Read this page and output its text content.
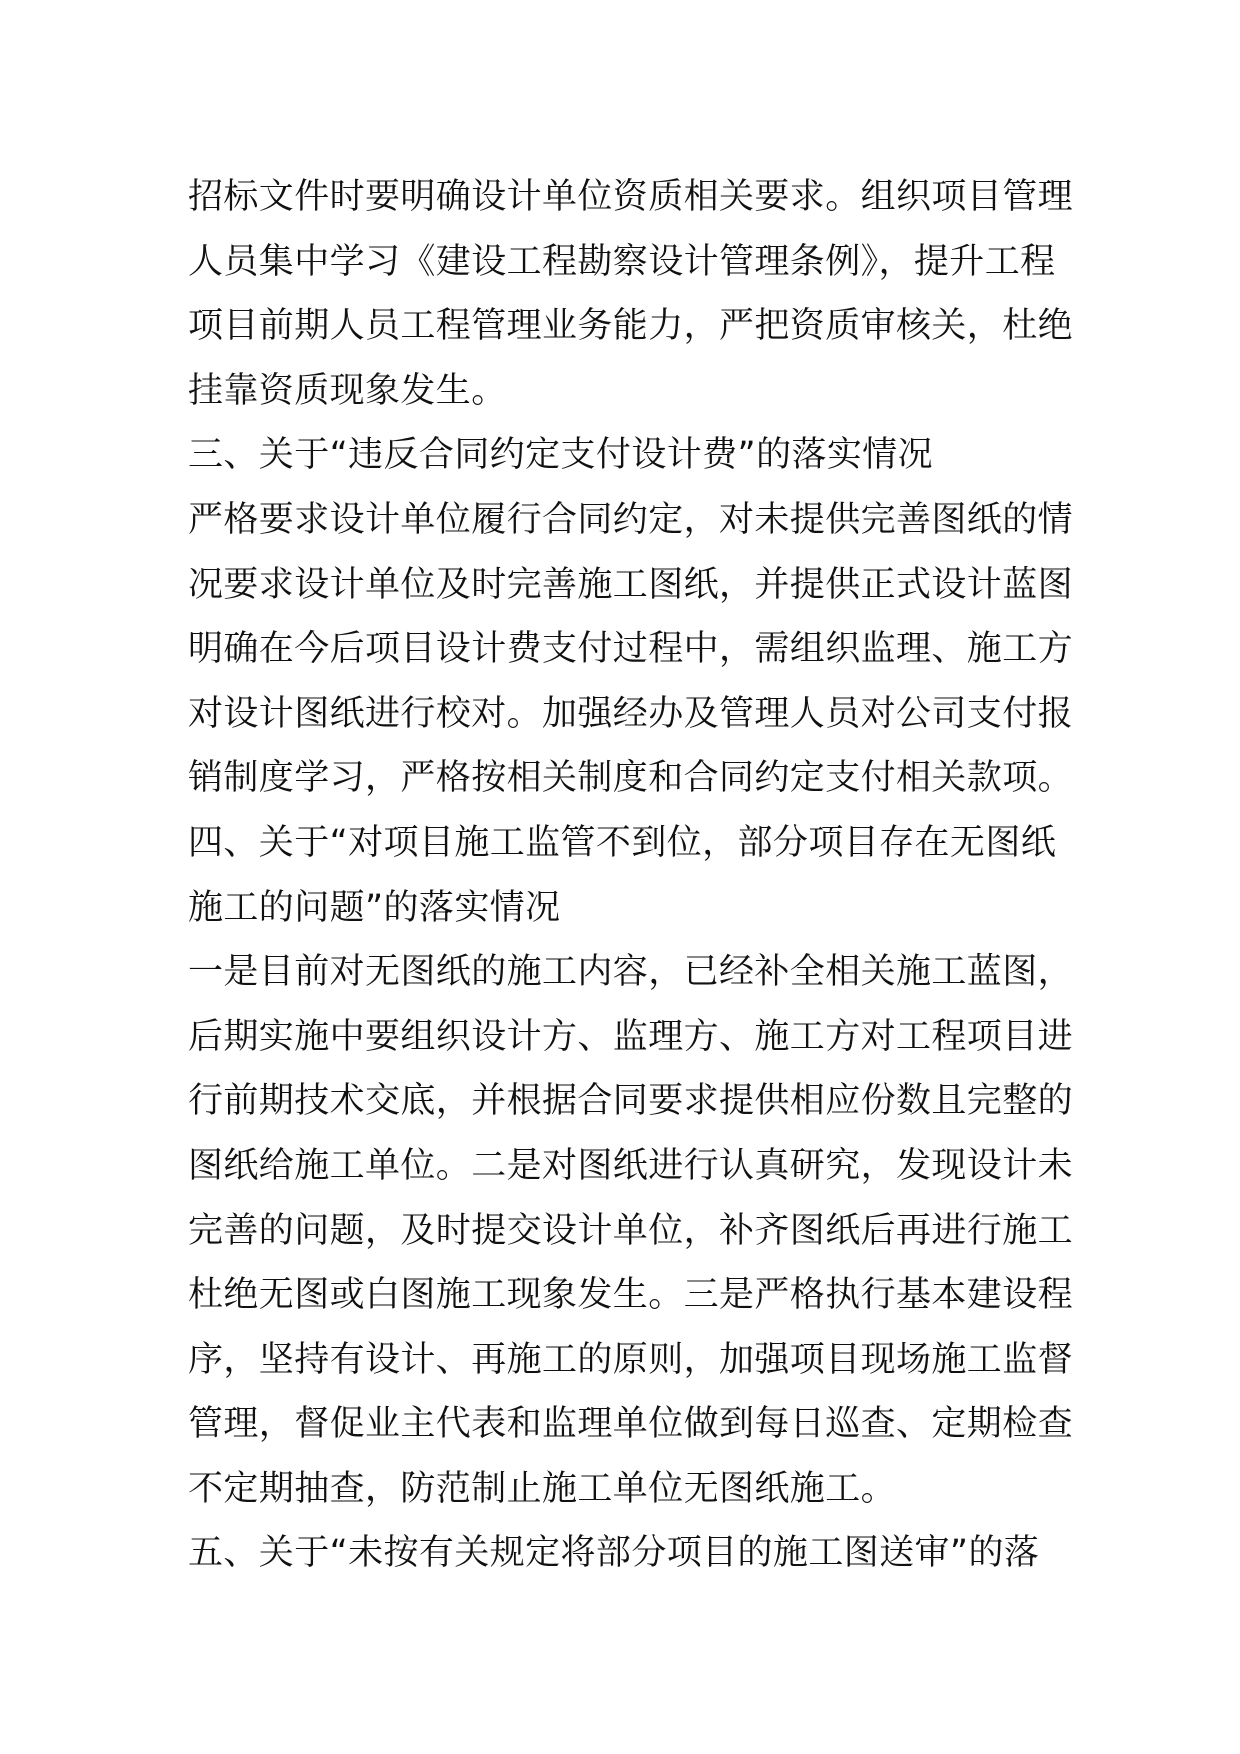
招标文件时要明确设计单位资质相关要求。组织项目管理
人员集中学习《建设工程勘察设计管理条例》，提升工程
项目前期人员工程管理业务能力，严把资质审核关，杜绝
挂靠资质现象发生。
三、关于“违反合同约定支付设计费”的落实情况
严格要求设计单位履行合同约定，对未提供完善图纸的情
况要求设计单位及时完善施工图纸，并提供正式设计蓝图
明确在今后项目设计费支付过程中，需组织监理、施工方
对设计图纸进行校对。加强经办及管理人员对公司支付报
销制度学习，严格按相关制度和合同约定支付相关款项。
四、关于“对项目施工监管不到位，部分项目存在无图纸
施工的问题”的落实情况
一是目前对无图纸的施工内容，已经补全相关施工蓝图，
后期实施中要组织设计方、监理方、施工方对工程项目进
行前期技术交底，并根据合同要求提供相应份数且完整的
图纸给施工单位。二是对图纸进行认真研究，发现设计未
完善的问题，及时提交设计单位，补齐图纸后再进行施工
杜绝无图或白图施工现象发生。三是严格执行基本建设程
序，坚持有设计、再施工的原则，加强项目现场施工监督
管理，督促业主代表和监理单位做到每日巡查、定期检查
不定期抽查，防范制止施工单位无图纸施工。
五、关于“未按有关规定将部分项目的施工图送审”的落
